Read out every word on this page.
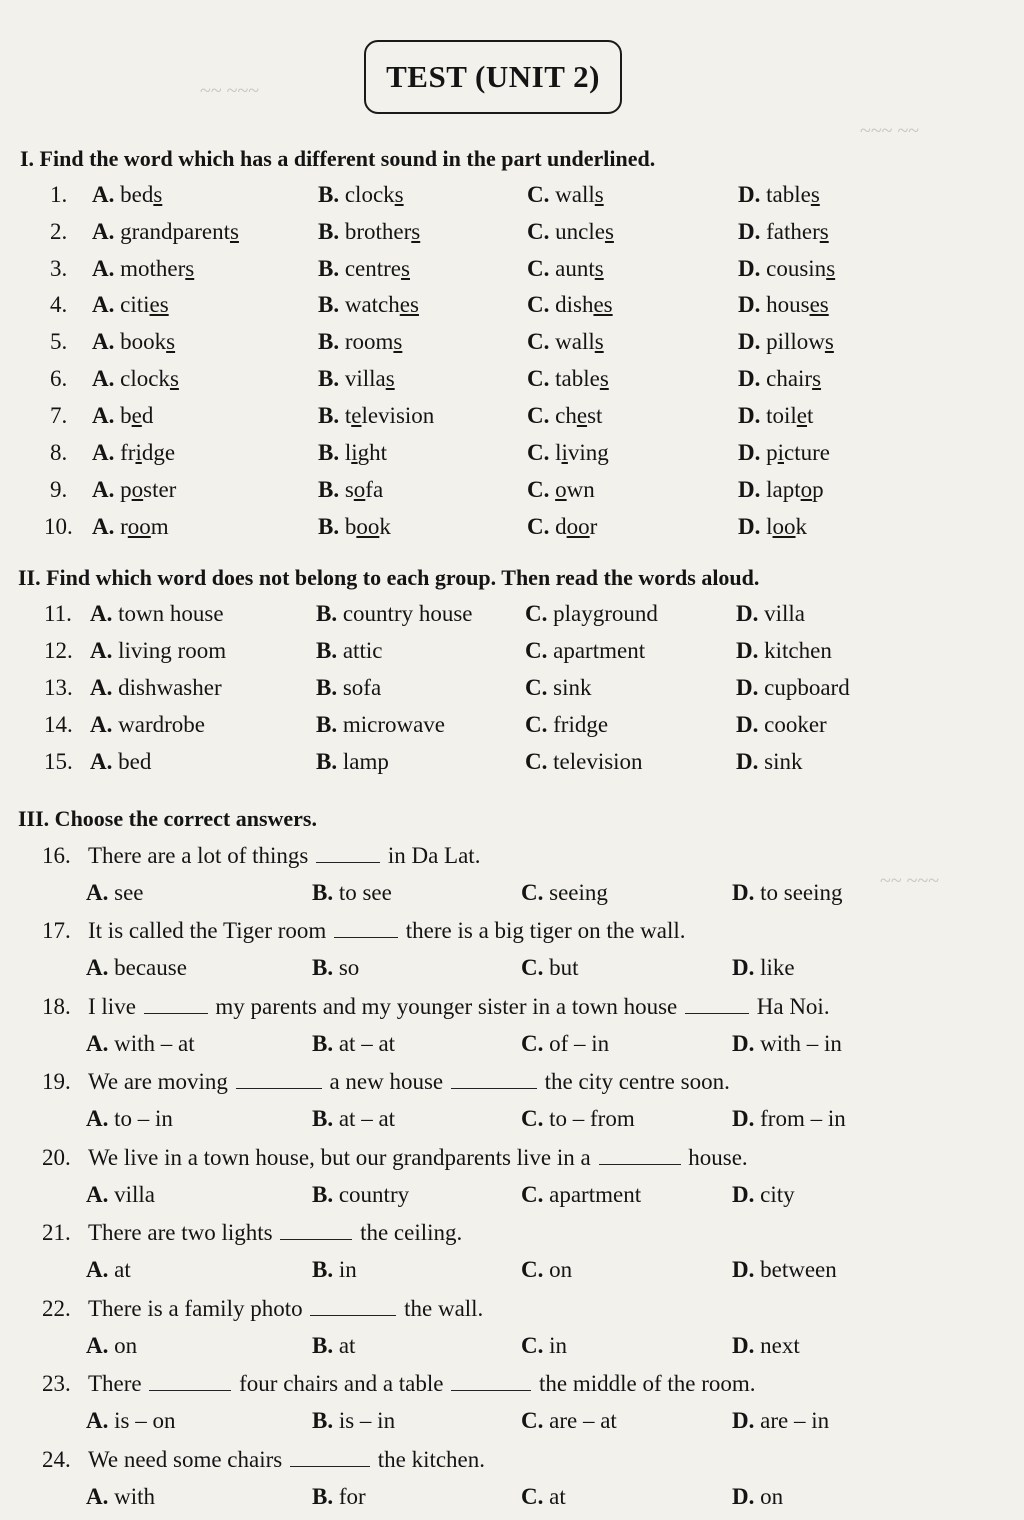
~~ ~~~
~~~ ~~
~~ ~~~
TEST (UNIT 2)
I. Find the word which has a different sound in the part underlined.
1. A. beds	B. clocks	C. walls	D. tables
2. A. grandparents	B. brothers	C. uncles	D. fathers
3. A. mothers	B. centres	C. aunts	D. cousins
4. A. cities	B. watches	C. dishes	D. houses
5. A. books	B. rooms	C. walls	D. pillows
6. A. clocks	B. villas	C. tables	D. chairs
7. A. bed	B. television	C. chest	D. toilet
8. A. fridge	B. light	C. living	D. picture
9. A. poster	B. sofa	C. own	D. laptop
10. A. room	B. book	C. door	D. look
II. Find which word does not belong to each group. Then read the words aloud.
11. A. town house	B. country house C. playground	D. villa
12. A. living room	B. attic	C. apartment	D. kitchen
13. A. dishwasher	B. sofa	C. sink	D. cupboard
14. A. wardrobe	B. microwave	C. fridge	D. cooker
15. A. bed	B. lamp	C. television	D. sink
III. Choose the correct answers.
16. There are a lot of things	in Da Lat.
A. see	B. to see	C. seeing	D. to seeing
17. It is called the Tiger room	there is a big tiger on the wall.
A. because	B. so	C. but	D. like
18. I live	my parents and my younger sister in a town house	Ha Noi.
A. with – at	B. at – at	C. of – in	D. with – in
19. We are moving	a new house	the city centre soon.
A. to – in	B. at – at	C. to – from	D. from – in
20. We live in a town house, but our grandparents live in a	house.
A. villa	B. country	C. apartment	D. city
21. There are two lights	the ceiling.
A. at	B. in	C. on	D. between
22. There is a family photo	the wall.
A. on	B. at	C. in	D. next
23. There	four chairs and a table	the middle of the room.
A. is – on	B. is – in	C. are – at	D. are – in
24. We need some chairs	the kitchen.
A. with	B. for	C. at	D. on
